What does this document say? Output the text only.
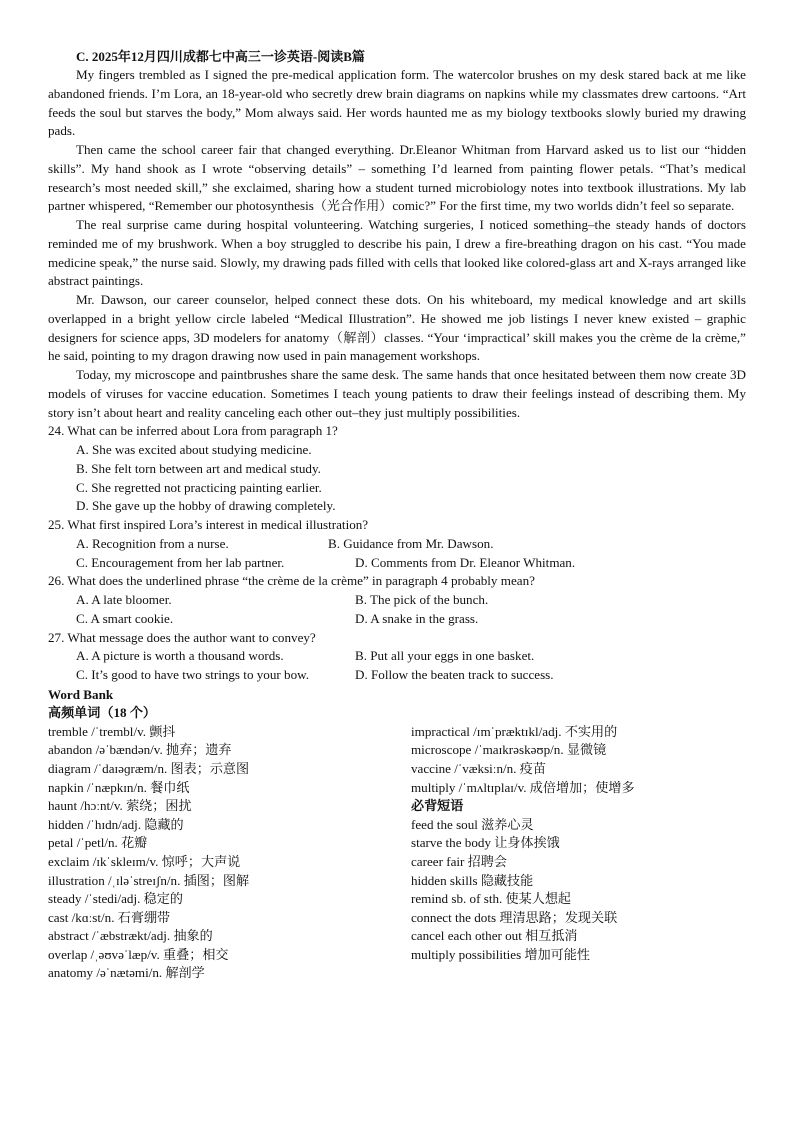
C. 2025年12月四川成都七中高三一诊英语-阅读B篇

My fingers trembled as I signed the pre-medical application form. The watercolor brushes on my desk stared back at me like abandoned friends. I’m Lora, an 18-year-old who secretly drew brain diagrams on napkins while my classmates drew cartoons. “Art feeds the soul but starves the body,” Mom always said. Her words haunted me as my biology textbooks slowly buried my drawing pads.

Then came the school career fair that changed everything. Dr.Eleanor Whitman from Harvard asked us to list our “hidden skills”. My hand shook as I wrote “observing details” – something I’d learned from painting flower petals. “That’s medical research’s most needed skill,” she exclaimed, sharing how a student turned microbiology notes into textbook illustrations. My lab partner whispered, “Remember our photosynthesis（光合作用）comic?” For the first time, my two worlds didn’t feel so separate.

The real surprise came during hospital volunteering. Watching surgeries, I noticed something–the steady hands of doctors reminded me of my brushwork. When a boy struggled to describe his pain, I drew a fire-breathing dragon on his cast. “You made medicine speak,” the nurse said. Slowly, my drawing pads filled with cells that looked like colored-glass art and X-rays arranged like abstract paintings.

Mr. Dawson, our career counselor, helped connect these dots. On his whiteboard, my medical knowledge and art skills overlapped in a bright yellow circle labeled “Medical Illustration”. He showed me job listings I never knew existed – graphic designers for science apps, 3D modelers for anatomy（解剖）classes. “Your ‘impractical’ skill makes you the crème de la crème,” he said, pointing to my dragon drawing now used in pain management workshops.

Today, my microscope and paintbrushes share the same desk. The same hands that once hesitated between them now create 3D models of viruses for vaccine education. Sometimes I teach young patients to draw their feelings instead of describing them. My story isn’t about heart and reality canceling each other out–they just multiply possibilities.

24. What can be inferred about Lora from paragraph 1?

A. She was excited about studying medicine.
B. She felt torn between art and medical study.
C. She regretted not practicing painting earlier.
D. She gave up the hobby of drawing completely.

25. What first inspired Lora’s interest in medical illustration?

A. Recognition from a nurse.	B. Guidance from Mr. Dawson.
C. Encouragement from her lab partner.	D. Comments from Dr. Eleanor Whitman.

26. What does the underlined phrase “the crème de la crème” in paragraph 4 probably mean?

A. A late bloomer.	B. The pick of the bunch.
C. A smart cookie.	D. A snake in the grass.

27. What message does the author want to convey?

A. A picture is worth a thousand words.	B. Put all your eggs in one basket.
C. It’s good to have two strings to your bow.	D. Follow the beaten track to success.
Word Bank
高频单词（18 个）
tremble /ˈtrembl/v. 颤抖
abandon /əˈbændən/v. 抛弃；遗弃
diagram /ˈdaɪəɡræm/n. 图表；示意图
napkin /ˈnæpkɪn/n. 餐巾纸
haunt /hɔːnt/v. 萦绕；困扰
hidden /ˈhɪdn/adj. 隐藏的
petal /ˈpetl/n. 花瓣
exclaim /ɪkˈskleɪm/v. 惊呼；大声说
illustration /ˌɪləˈstreɪʃn/n. 插图；图解
steady /ˈstedi/adj. 稳定的
cast /kɑːst/n. 石膏绷带
abstract /ˈæbstrækt/adj. 抽象的
overlap /ˌəʊvəˈlæp/v. 重叠；相交
anatomy /əˈnætəmi/n. 解剖学
impractical /ɪmˈpræktɪkl/adj. 不实用的
microscope /ˈmaɪkrəskəʊp/n. 显微镜
vaccine /ˈvæksiːn/n. 疫苗
multiply /ˈmʌltɪplaɪ/v. 成倍增加；使增多
必背短语
feed the soul 滋养心灵
starve the body 让身体挨饿
career fair 招聘会
hidden skills 隐藏技能
remind sb. of sth. 使某人想起
connect the dots 理清思路；发现关联
cancel each other out 相互抵消
multiply possibilities 增加可能性
